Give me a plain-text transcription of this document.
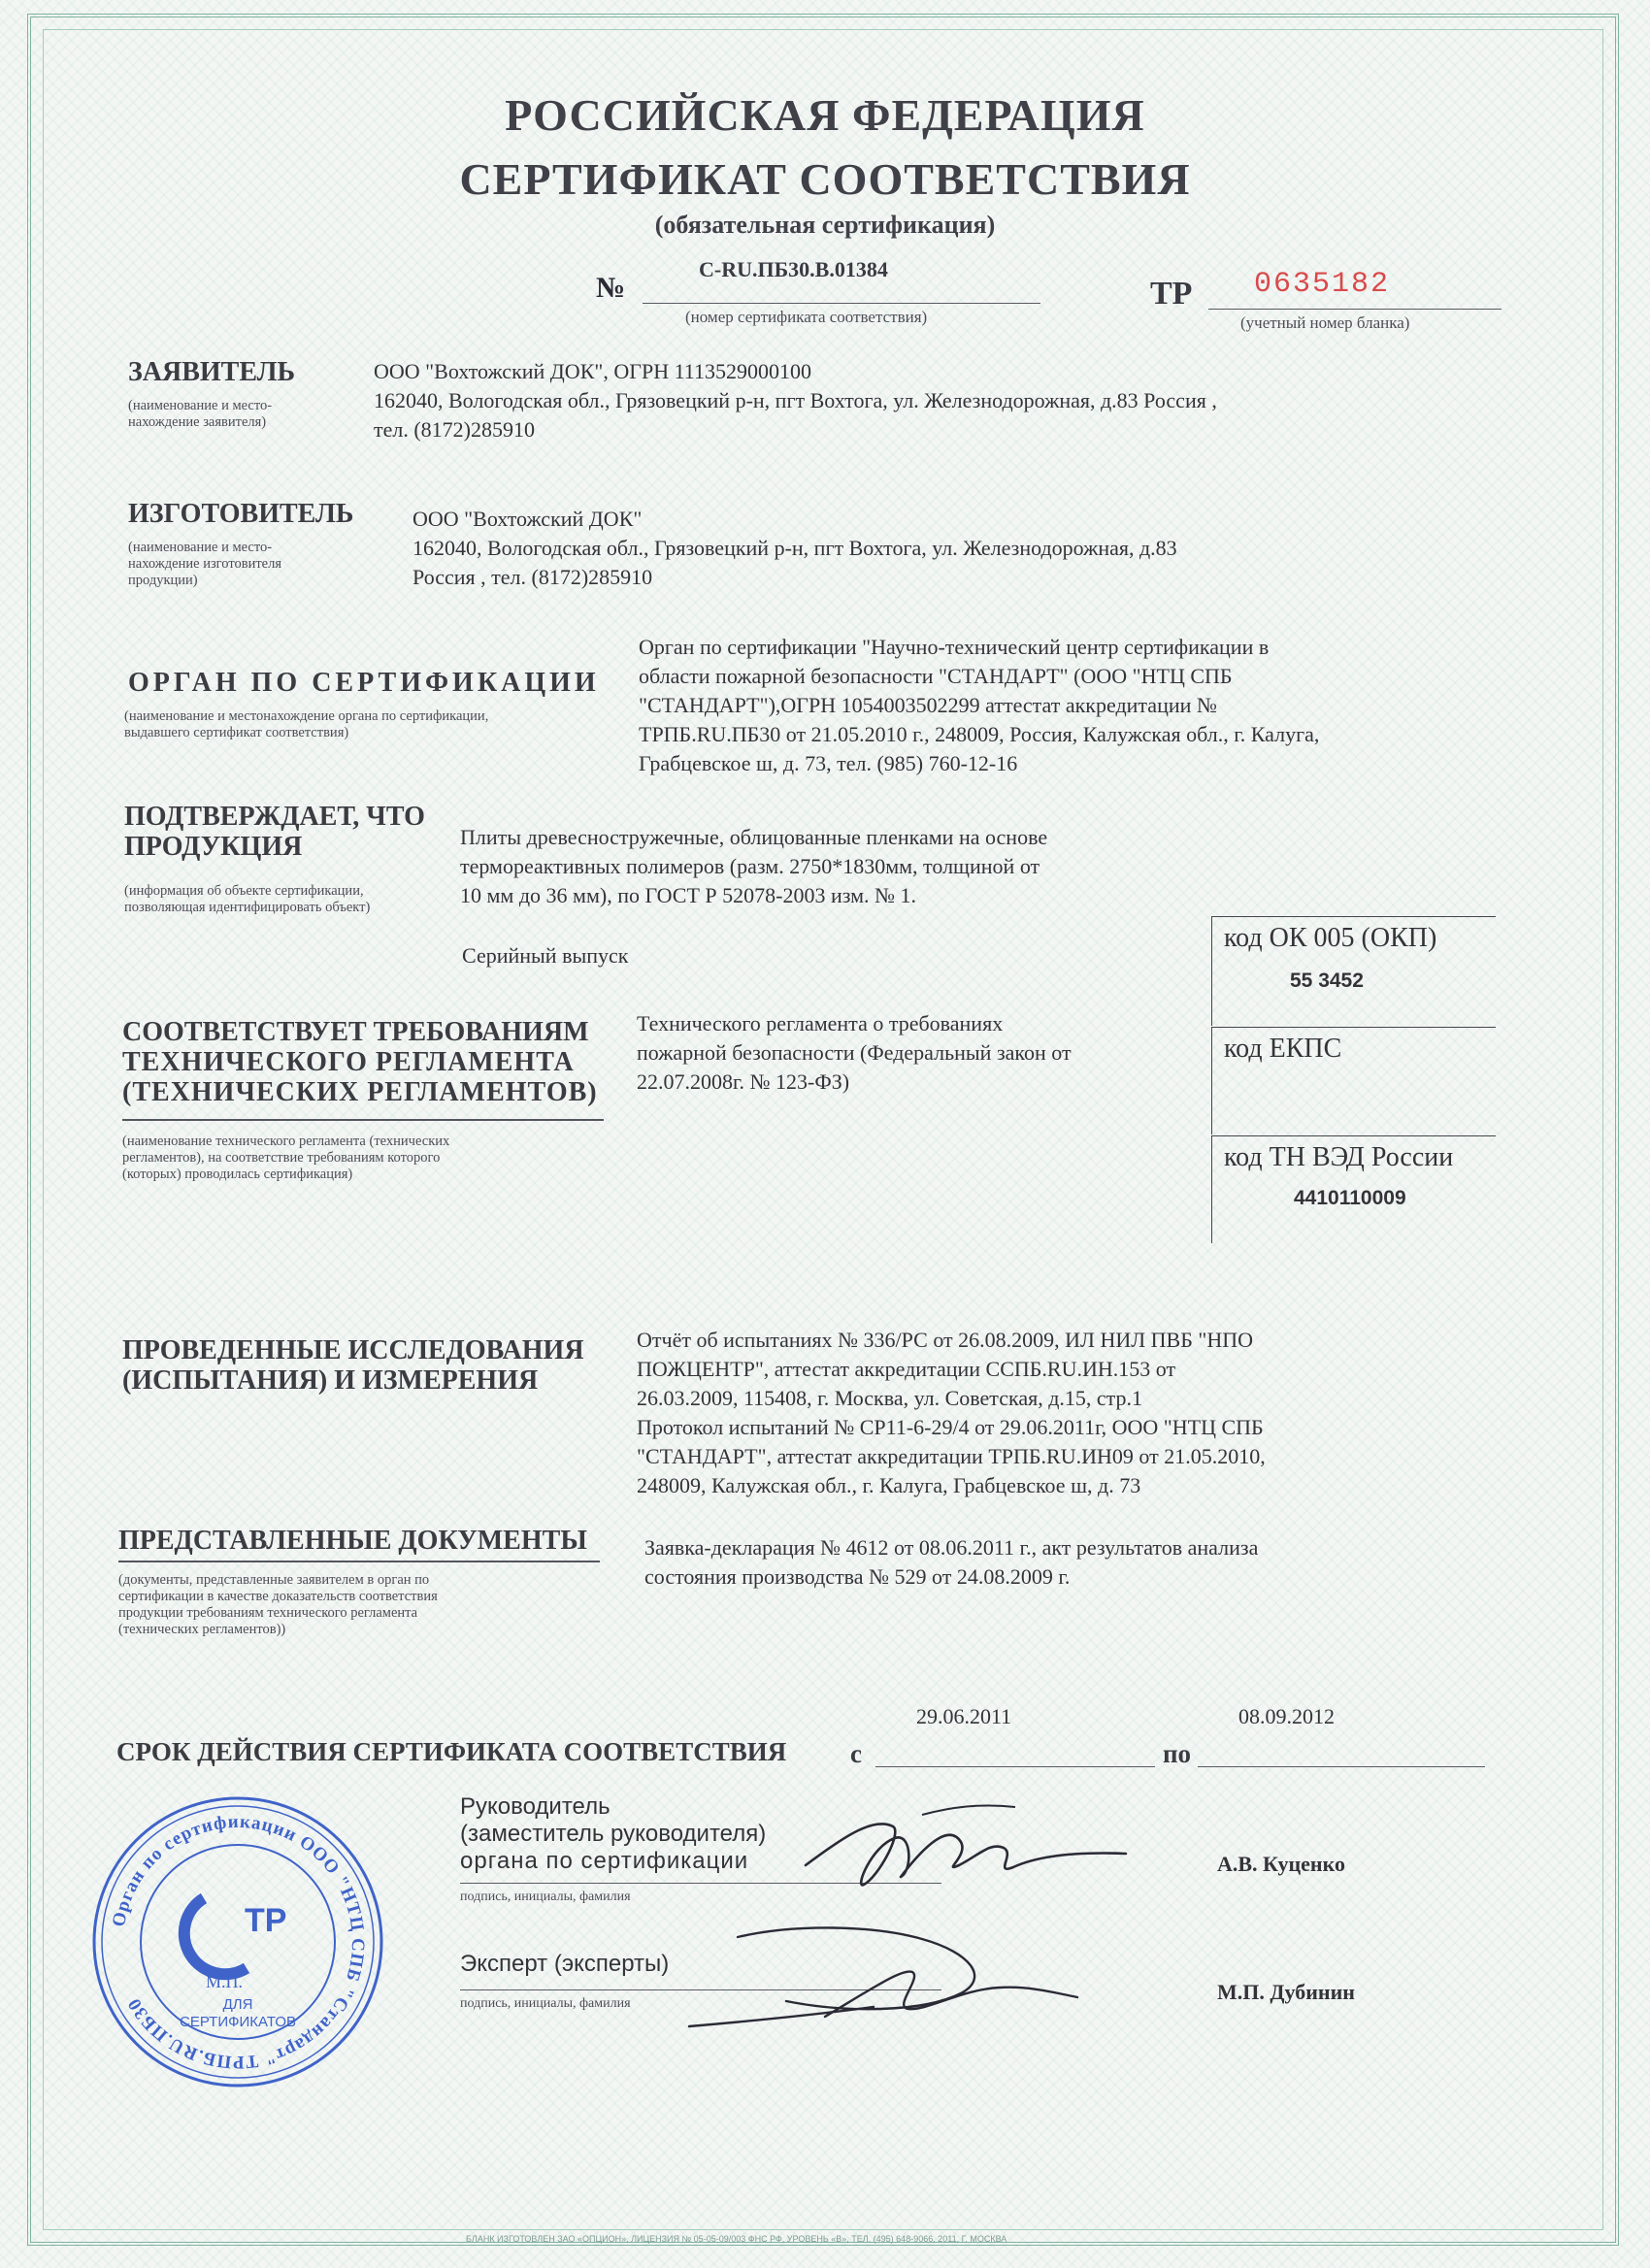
РОССИЙСКАЯ ФЕДЕРАЦИЯ
СЕРТИФИКАТ СООТВЕТСТВИЯ
(обязательная сертификация)
№
C-RU.ПБ30.В.01384
(номер сертификата соответствия)
ТР 0635182
(учетный номер бланка)
ЗАЯВИТЕЛЬ
(наименование и место-
нахождение заявителя)
ООО "Вохтожский ДОК", ОГРН 1113529000100
162040, Вологодская обл., Грязовецкий р-н, пгт Вохтога, ул. Железнодорожная, д.83 Россия ,
тел. (8172)285910
ИЗГОТОВИТЕЛЬ
(наименование и место-
нахождение изготовителя
продукции)
ООО "Вохтожский ДОК"
162040, Вологодская обл., Грязовецкий р-н, пгт Вохтога, ул. Железнодорожная, д.83
Россия , тел. (8172)285910
ОРГАН ПО СЕРТИФИКАЦИИ
(наименование и местонахождение органа по сертификации,
выдавшего сертификат соответствия)
Орган по сертификации "Научно-технический центр сертификации в
области пожарной безопасности "СТАНДАРТ" (ООО "НТЦ СПБ
"СТАНДАРТ"),ОГРН 1054003502299 аттестат аккредитации №
ТРПБ.RU.ПБ30 от 21.05.2010 г., 248009, Россия, Калужская обл., г. Калуга,
Грабцевское ш, д. 73, тел. (985) 760-12-16
ПОДТВЕРЖДАЕТ, ЧТО
ПРОДУКЦИЯ
(информация об объекте сертификации,
позволяющая идентифицировать объект)
Плиты древесностружечные, облицованные пленками на основе
термореактивных полимеров (разм. 2750*1830мм, толщиной от
10 мм до 36 мм), по ГОСТ Р 52078-2003 изм. № 1.
Серийный выпуск
код ОК 005 (ОКП)
55 3452
код ЕКПС
код ТН ВЭД России
4410110009
СООТВЕТСТВУЕТ ТРЕБОВАНИЯМ
ТЕХНИЧЕСКОГО РЕГЛАМЕНТА
(ТЕХНИЧЕСКИХ РЕГЛАМЕНТОВ)
(наименование технического регламента (технических
регламентов), на соответствие требованиям которого
(которых) проводилась сертификация)
Технического регламента о требованиях
пожарной безопасности (Федеральный закон от
22.07.2008г. № 123-ФЗ)
ПРОВЕДЕННЫЕ ИССЛЕДОВАНИЯ
(ИСПЫТАНИЯ) И ИЗМЕРЕНИЯ
Отчёт об испытаниях № 336/РС от 26.08.2009, ИЛ НИЛ ПВБ "НПО
ПОЖЦЕНТР", аттестат аккредитации ССПБ.RU.ИН.153 от
26.03.2009, 115408, г. Москва, ул. Советская, д.15, стр.1
Протокол испытаний № СР11-6-29/4 от 29.06.2011г, ООО "НТЦ СПБ
"СТАНДАРТ", аттестат аккредитации ТРПБ.RU.ИН09 от 21.05.2010,
248009, Калужская обл., г. Калуга, Грабцевское ш, д. 73
ПРЕДСТАВЛЕННЫЕ ДОКУМЕНТЫ
(документы, представленные заявителем в орган по
сертификации в качестве доказательств соответствия
продукции требованиям технического регламента
(технических регламентов))
Заявка-декларация № 4612 от 08.06.2011 г., акт результатов анализа
состояния производства № 529 от 24.08.2009 г.
СРОК ДЕЙСТВИЯ СЕРТИФИКАТА СООТВЕТСТВИЯ с
29.06.2011
по
08.09.2012
Руководитель
(заместитель руководителя)
органа по сертификации
подпись, инициалы, фамилия
А.В. Куценко
Эксперт (эксперты)
подпись, инициалы, фамилия	М.П. Дубинин
Орган по сертификации ООО "НТЦ СПБ "Стандарт" ТРПБ.RU.ПБ30
ТР
М.П.
ДЛЯ
СЕРТИФИКАТОВ
БЛАНК ИЗГОТОВЛЕН ЗАО «ОПЦИОН», ЛИЦЕНЗИЯ № 05-05-09/003 ФНС РФ, УРОВЕНЬ «В», ТЕЛ. (495) 648-9066, 2011, Г. МОСКВА
